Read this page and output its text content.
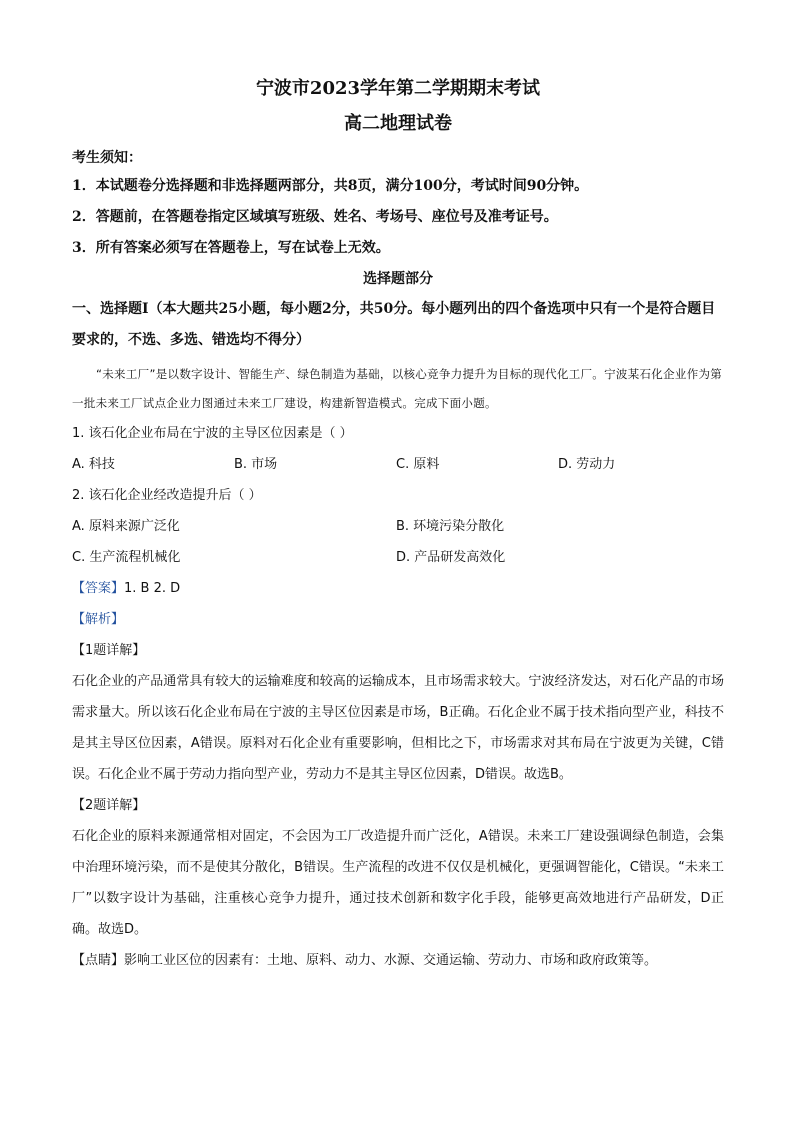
宁波市2023学年第二学期期末考试
高二地理试卷
考生须知：
1．本试题卷分选择题和非选择题两部分，共8页，满分100分，考试时间90分钟。
2．答题前，在答题卷指定区域填写班级、姓名、考场号、座位号及准考证号。
3．所有答案必须写在答题卷上，写在试卷上无效。
选择题部分
一、选择题Ⅰ（本大题共25小题，每小题2分，共50分。每小题列出的四个备选项中只有一个是符合题目要求的，不选、多选、错选均不得分）
“未来工厂”是以数字设计、智能生产、绿色制造为基础，以核心竞争力提升为目标的现代化工厂。宁波某石化企业作为第一批未来工厂试点企业力图通过未来工厂建设，构建新智造模式。完成下面小题。
1. 该石化企业布局在宁波的主导区位因素是（ ）
A. 科技	B. 市场	C. 原料	D. 劳动力
2. 该石化企业经改造提升后（ ）
A. 原料来源广泛化	B. 环境污染分散化
C. 生产流程机械化	D. 产品研发高效化
【答案】1. B 2. D
【解析】
【1题详解】
石化企业的产品通常具有较大的运输难度和较高的运输成本，且市场需求较大。宁波经济发达，对石化产品的市场需求量大。所以该石化企业布局在宁波的主导区位因素是市场，B正确。石化企业不属于技术指向型产业，科技不是其主导区位因素，A错误。原料对石化企业有重要影响，但相比之下，市场需求对其布局在宁波更为关键，C错误。石化企业不属于劳动力指向型产业，劳动力不是其主导区位因素，D错误。故选B。
【2题详解】
石化企业的原料来源通常相对固定，不会因为工厂改造提升而广泛化，A错误。未来工厂建设强调绿色制造，会集中治理环境污染，而不是使其分散化，B错误。生产流程的改进不仅仅是机械化，更强调智能化，C错误。“未来工厂”以数字设计为基础，注重核心竞争力提升，通过技术创新和数字化手段，能够更高效地进行产品研发，D正确。故选D。
【点睛】影响工业区位的因素有：土地、原料、动力、水源、交通运输、劳动力、市场和政府政策等。
